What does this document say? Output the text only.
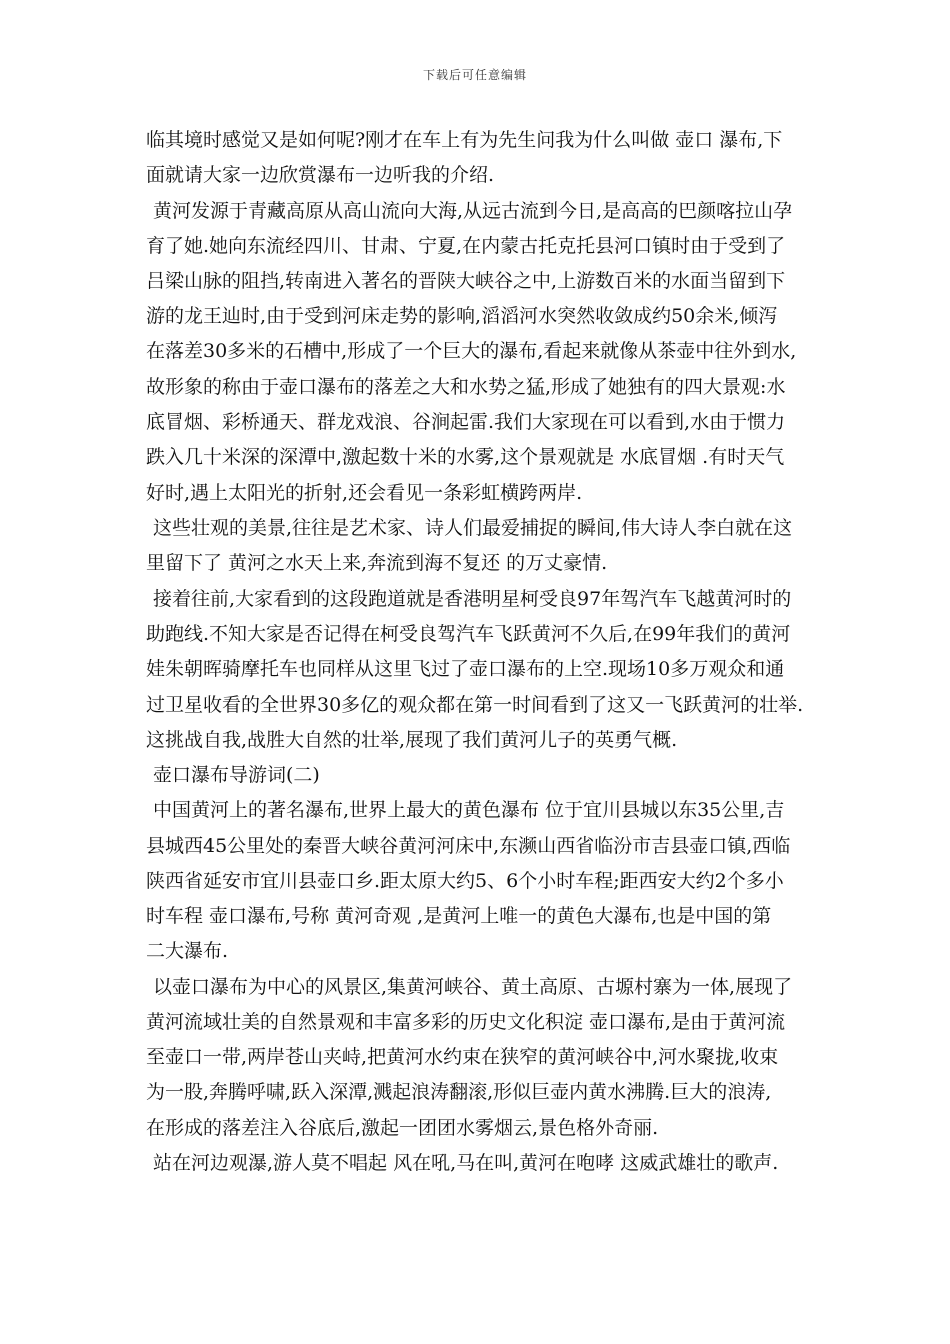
下载后可任意编辑
临其境时感觉又是如何呢?刚才在车上有为先生问我为什么叫做 壶口 瀑布,下
面就请大家一边欣赏瀑布一边听我的介绍.
黄河发源于青藏高原从高山流向大海,从远古流到今日,是高高的巴颜喀拉山孕
育了她.她向东流经四川、甘肃、宁夏,在内蒙古托克托县河口镇时由于受到了
吕梁山脉的阻挡,转南进入著名的晋陕大峡谷之中,上游数百米的水面当留到下
游的龙王辿时,由于受到河床走势的影响,滔滔河水突然收敛成约50余米,倾泻
在落差30多米的石槽中,形成了一个巨大的瀑布,看起来就像从茶壶中往外到水,
故形象的称由于壶口瀑布的落差之大和水势之猛,形成了她独有的四大景观:水
底冒烟、彩桥通天、群龙戏浪、谷涧起雷.我们大家现在可以看到,水由于惯力
跌入几十米深的深潭中,激起数十米的水雾,这个景观就是 水底冒烟 .有时天气
好时,遇上太阳光的折射,还会看见一条彩虹横跨两岸.
这些壮观的美景,往往是艺术家、诗人们最爱捕捉的瞬间,伟大诗人李白就在这
里留下了 黄河之水天上来,奔流到海不复还 的万丈豪情.
接着往前,大家看到的这段跑道就是香港明星柯受良97年驾汽车飞越黄河时的
助跑线.不知大家是否记得在柯受良驾汽车飞跃黄河不久后,在99年我们的黄河
娃朱朝晖骑摩托车也同样从这里飞过了壶口瀑布的上空.现场10多万观众和通
过卫星收看的全世界30多亿的观众都在第一时间看到了这又一飞跃黄河的壮举.
这挑战自我,战胜大自然的壮举,展现了我们黄河儿子的英勇气概.
壶口瀑布导游词(二)
中国黄河上的著名瀑布,世界上最大的黄色瀑布 位于宜川县城以东35公里,吉
县城西45公里处的秦晋大峡谷黄河河床中,东濒山西省临汾市吉县壶口镇,西临
陕西省延安市宜川县壶口乡.距太原大约5、6个小时车程;距西安大约2个多小
时车程 壶口瀑布,号称 黄河奇观 ,是黄河上唯一的黄色大瀑布,也是中国的第
二大瀑布.
以壶口瀑布为中心的风景区,集黄河峡谷、黄土高原、古塬村寨为一体,展现了
黄河流域壮美的自然景观和丰富多彩的历史文化积淀 壶口瀑布,是由于黄河流
至壶口一带,两岸苍山夹峙,把黄河水约束在狭窄的黄河峡谷中,河水聚拢,收束
为一股,奔腾呼啸,跃入深潭,溅起浪涛翻滚,形似巨壶内黄水沸腾.巨大的浪涛,
在形成的落差注入谷底后,激起一团团水雾烟云,景色格外奇丽.
站在河边观瀑,游人莫不唱起 风在吼,马在叫,黄河在咆哮 这威武雄壮的歌声.
